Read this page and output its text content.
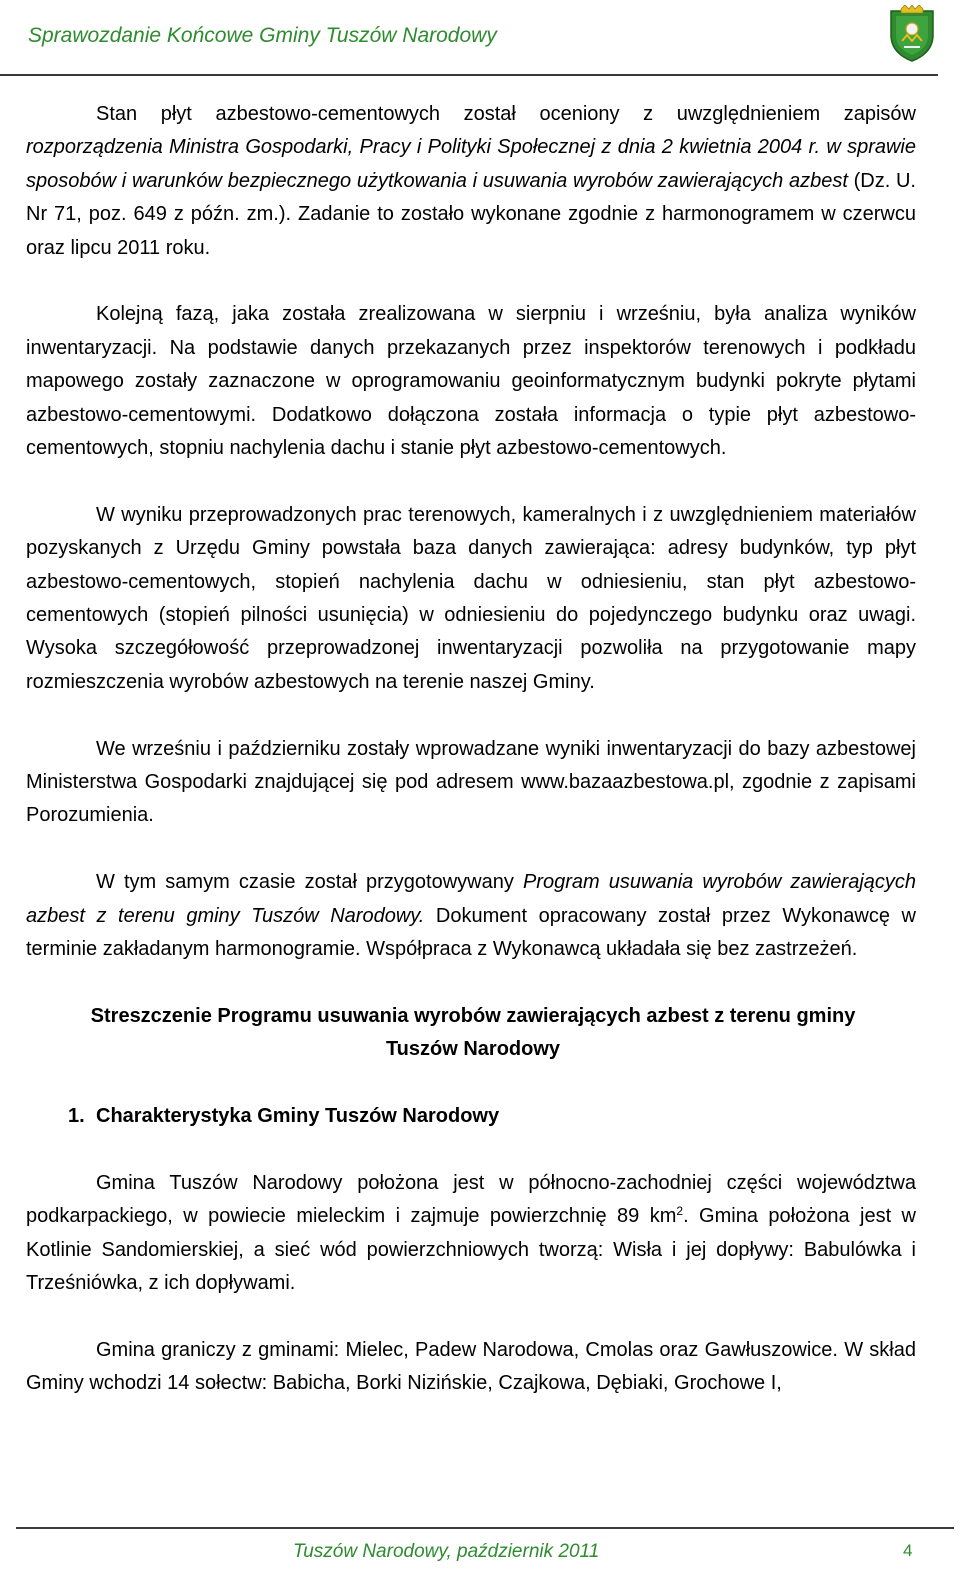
Sprawozdanie Końcowe Gminy Tuszów Narodowy

Stan płyt azbestowo-cementowych został oceniony z uwzględnieniem zapisów rozporządzenia Ministra Gospodarki, Pracy i Polityki Społecznej z dnia 2 kwietnia 2004 r. w sprawie sposobów i warunków bezpiecznego użytkowania i usuwania wyrobów zawierających azbest (Dz. U. Nr 71, poz. 649 z późn. zm.). Zadanie to zostało wykonane zgodnie z harmonogramem w czerwcu oraz lipcu 2011 roku.

Kolejną fazą, jaka została zrealizowana w sierpniu i wrześniu, była analiza wyników inwentaryzacji. Na podstawie danych przekazanych przez inspektorów terenowych i podkładu mapowego zostały zaznaczone w oprogramowaniu geoinformatycznym budynki pokryte płytami azbestowo-cementowymi. Dodatkowo dołączona została informacja o typie płyt azbestowo-cementowych, stopniu nachylenia dachu i stanie płyt azbestowo-cementowych.

W wyniku przeprowadzonych prac terenowych, kameralnych i z uwzględnieniem materiałów pozyskanych z Urzędu Gminy powstała baza danych zawierająca: adresy budynków, typ płyt azbestowo-cementowych, stopień nachylenia dachu w odniesieniu, stan płyt azbestowo-cementowych (stopień pilności usunięcia) w odniesieniu do pojedynczego budynku oraz uwagi. Wysoka szczegółowość przeprowadzonej inwentaryzacji pozwoliła na przygotowanie mapy rozmieszczenia wyrobów azbestowych na terenie naszej Gminy.

We wrześniu i październiku zostały wprowadzane wyniki inwentaryzacji do bazy azbestowej Ministerstwa Gospodarki znajdującej się pod adresem www.bazaazbestowa.pl, zgodnie z zapisami Porozumienia.

W tym samym czasie został przygotowywany Program usuwania wyrobów zawierających azbest z terenu gminy Tuszów Narodowy. Dokument opracowany został przez Wykonawcę w terminie zakładanym harmonogramie. Współpraca z Wykonawcą układała się bez zastrzeżeń.

Streszczenie Programu usuwania wyrobów zawierających azbest z terenu gminy
Tuszów Narodowy
1. Charakterystyka Gminy Tuszów Narodowy

Gmina Tuszów Narodowy położona jest w północno-zachodniej części województwa podkarpackiego, w powiecie mieleckim i zajmuje powierzchnię 89 $km^2$. Gmina położona jest w Kotlinie Sandomierskiej, a sieć wód powierzchniowych tworzą: Wisła i jej dopływy: Babulówka i Trześniówka, z ich dopływami.

Gmina graniczy z gminami: Mielec, Padew Narodowa, Cmolas oraz Gawłuszowice. W skład Gminy wchodzi 14 sołectw: Babicha, Borki Nizińskie, Czajkowa, Dębiaki, Grochowe I,

Tuszów Narodowy, październik 2011	4
